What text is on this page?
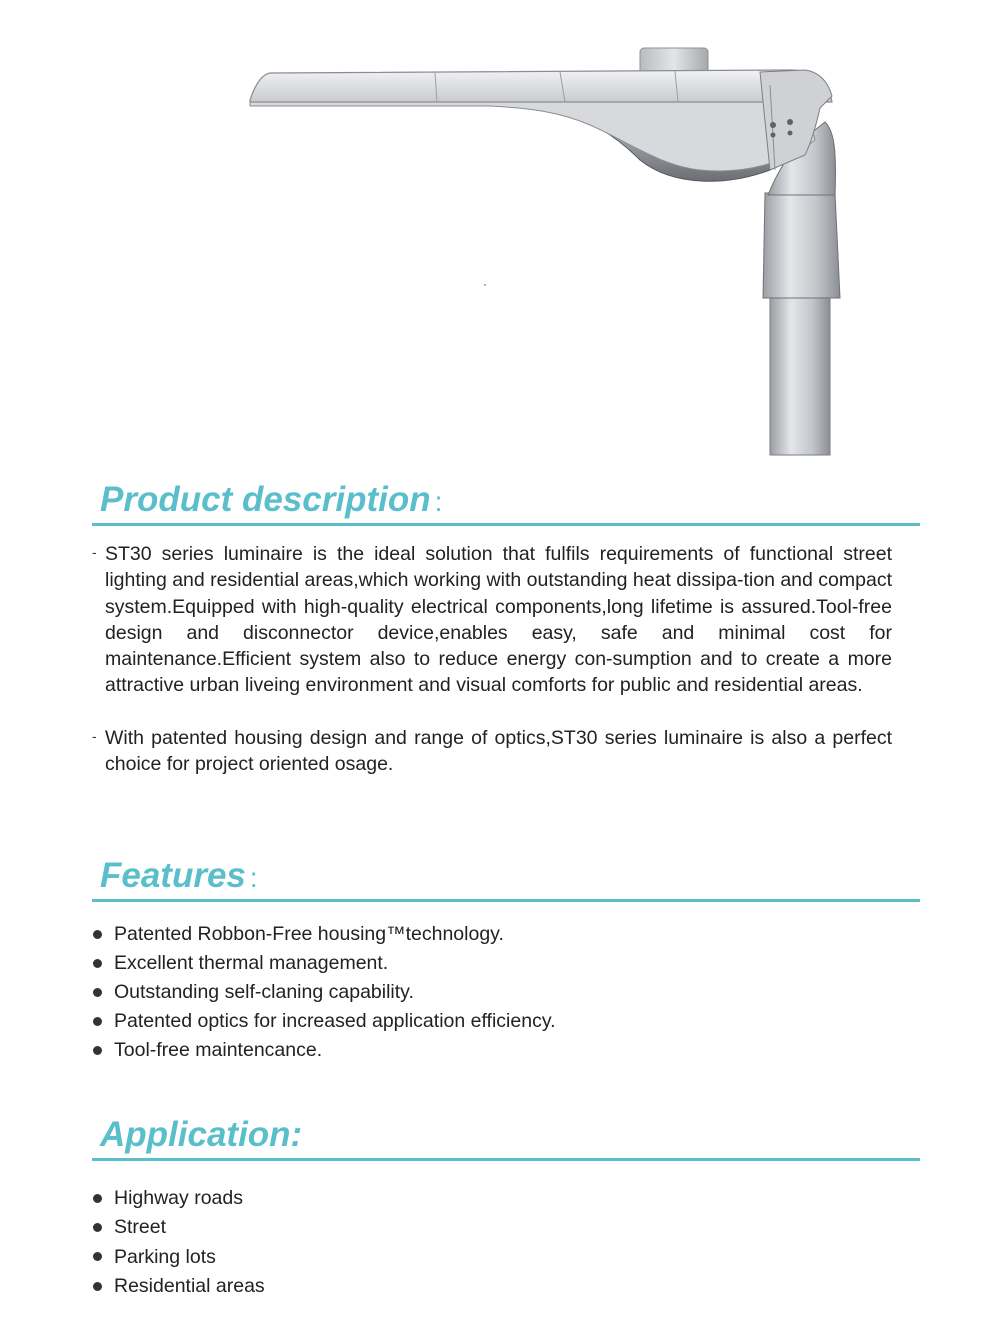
Product description :

- ST30 series luminaire is the ideal solution that fulfils requirements of functional street lighting and residential areas,which working with outstanding heat dissipa-tion and compact system.Equipped with high-quality electrical components,long lifetime is assured.Tool-free design and disconnector device,enables easy, safe and minimal cost for maintenance.Efficient system also to reduce energy con-sumption and to create a more attractive urban liveing environment and visual comforts for public and residential areas.

- With patented housing design and range of optics,ST30 series luminaire is also a perfect choice for project oriented osage.

Features :
Patented Robbon-Free housing™technology.
Excellent thermal management.
Outstanding self-claning capability.
Patented optics for increased application efficiency.
Tool-free maintencance.
Application:
Highway roads
Street
Parking lots
Residential areas
